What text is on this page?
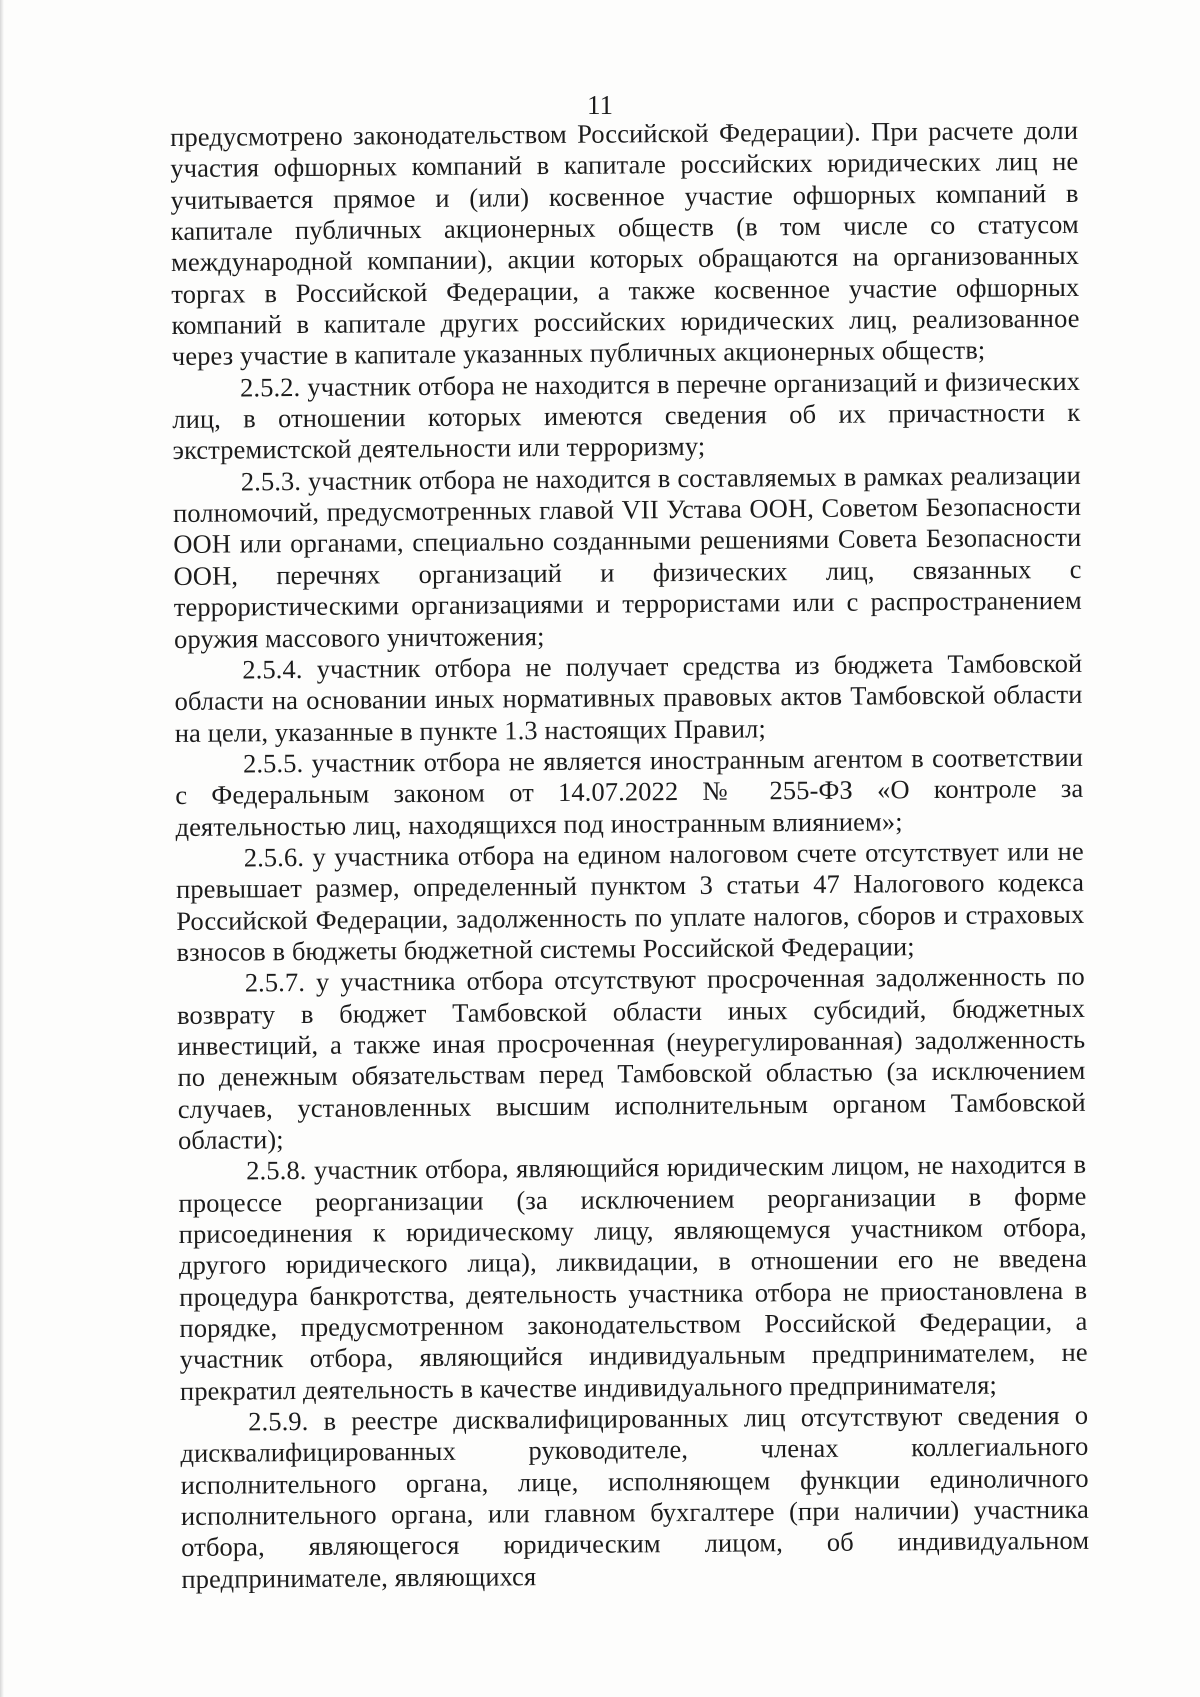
11

предусмотрено законодательством Российской Федерации). При расчете доли участия офшорных компаний в капитале российских юридических лиц не учитывается прямое и (или) косвенное участие офшорных компаний в капитале публичных акционерных обществ (в том числе со статусом международной компании), акции которых обращаются на организованных торгах в Российской Федерации, а также косвенное участие офшорных компаний в капитале других российских юридических лиц, реализованное через участие в капитале указанных публичных акционерных обществ;

2.5.2. участник отбора не находится в перечне организаций и физических лиц, в отношении которых имеются сведения об их причастности к экстремистской деятельности или терроризму;

2.5.3. участник отбора не находится в составляемых в рамках реализации полномочий, предусмотренных главой VII Устава ООН, Советом Безопасности ООН или органами, специально созданными решениями Совета Безопасности ООН, перечнях организаций и физических лиц, связанных с террористическими организациями и террористами или с распространением оружия массового уничтожения;

2.5.4. участник отбора не получает средства из бюджета Тамбовской области на основании иных нормативных правовых актов Тамбовской области на цели, указанные в пункте 1.3 настоящих Правил;

2.5.5. участник отбора не является иностранным агентом в соответствии с Федеральным законом от 14.07.2022 № 255-ФЗ «О контроле за деятельностью лиц, находящихся под иностранным влиянием»;

2.5.6. у участника отбора на едином налоговом счете отсутствует или не превышает размер, определенный пунктом 3 статьи 47 Налогового кодекса Российской Федерации, задолженность по уплате налогов, сборов и страховых взносов в бюджеты бюджетной системы Российской Федерации;

2.5.7. у участника отбора отсутствуют просроченная задолженность по возврату в бюджет Тамбовской области иных субсидий, бюджетных инвестиций, а также иная просроченная (неурегулированная) задолженность по денежным обязательствам перед Тамбовской областью (за исключением случаев, установленных высшим исполнительным органом Тамбовской области);

2.5.8. участник отбора, являющийся юридическим лицом, не находится в процессе реорганизации (за исключением реорганизации в форме присоединения к юридическому лицу, являющемуся участником отбора, другого юридического лица), ликвидации, в отношении его не введена процедура банкротства, деятельность участника отбора не приостановлена в порядке, предусмотренном законодательством Российской Федерации, а участник отбора, являющийся индивидуальным предпринимателем, не прекратил деятельность в качестве индивидуального предпринимателя;

2.5.9. в реестре дисквалифицированных лиц отсутствуют сведения о дисквалифицированных руководителе, членах коллегиального исполнительного органа, лице, исполняющем функции единоличного исполнительного органа, или главном бухгалтере (при наличии) участника отбора, являющегося юридическим лицом, об индивидуальном предпринимателе, являющихся
